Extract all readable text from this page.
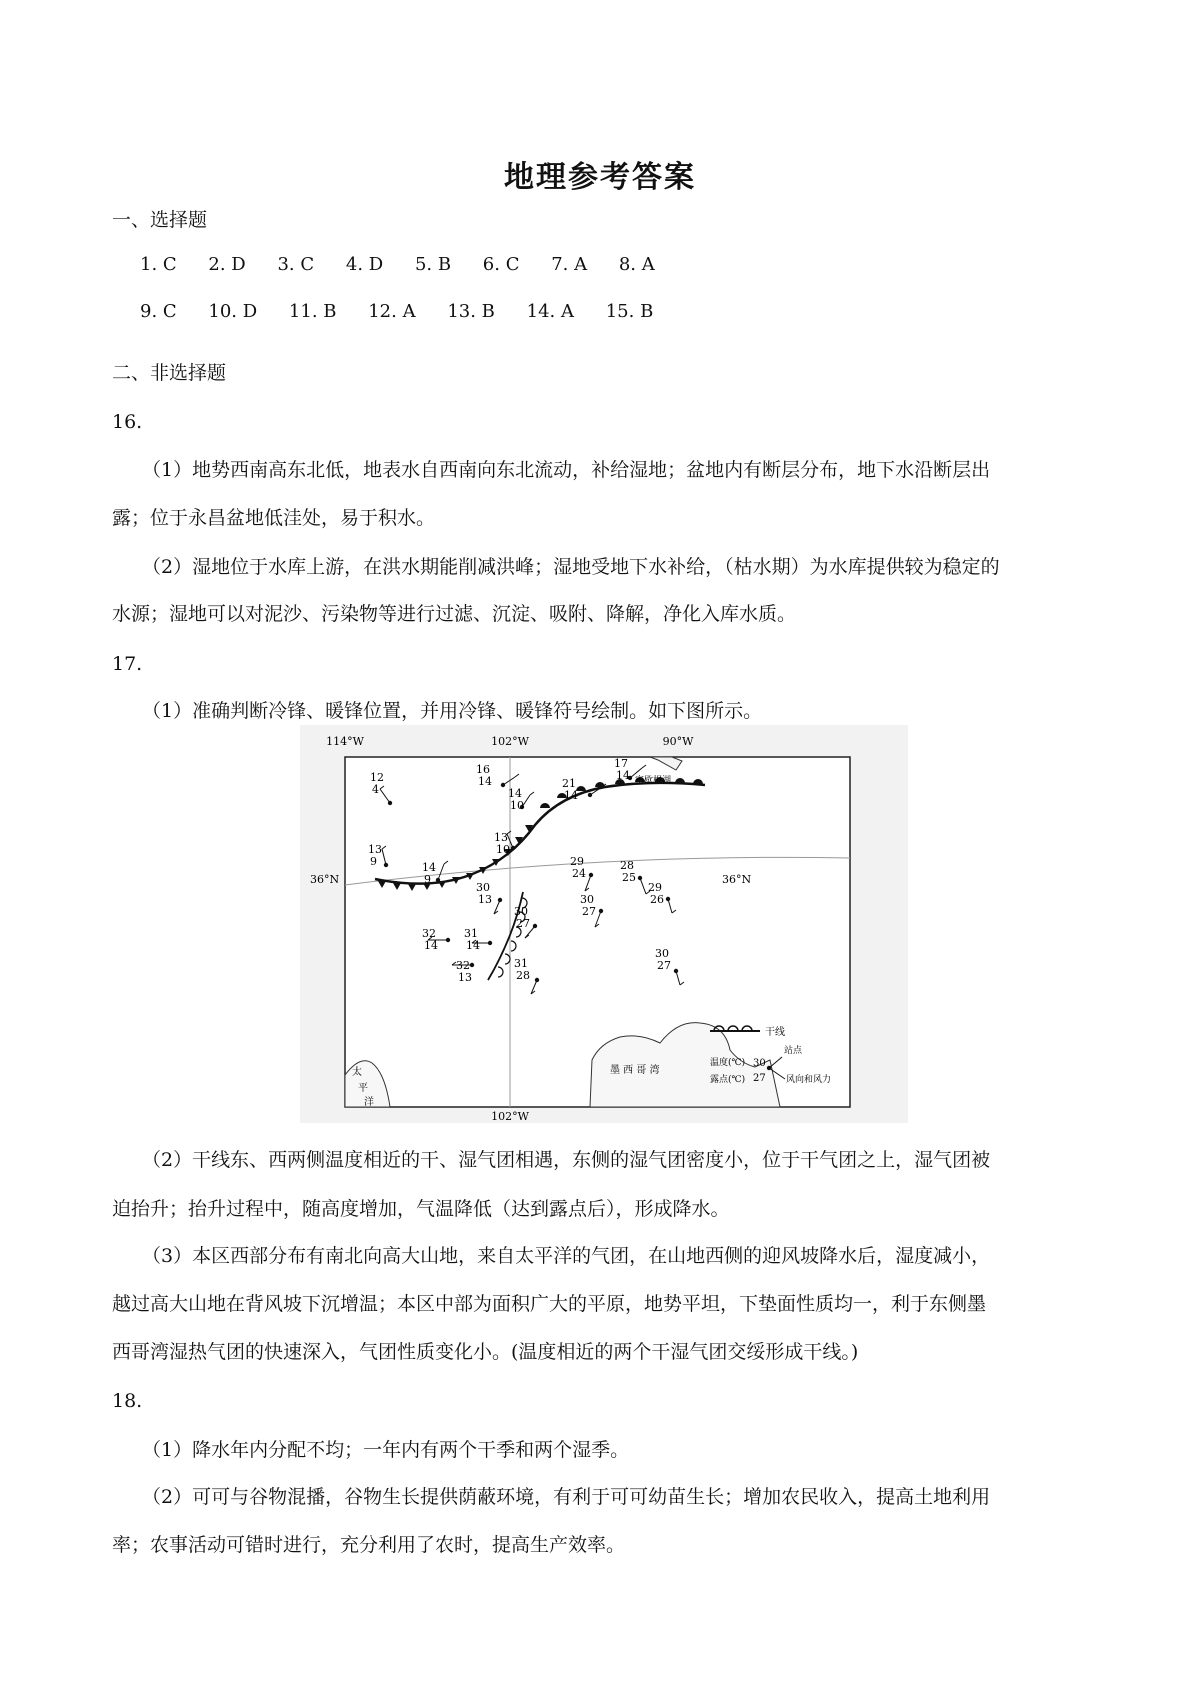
地理参考答案
一、选择题
1. C 2. D 3. C 4. D 5. B 6. C 7. A 8. A
9. C 10. D 11. B 12. A 13. B 14. A 15. B
二、非选择题
16.
（1）地势西南高东北低，地表水自西南向东北流动，补给湿地；盆地内有断层分布，地下水沿断层出
露；位于永昌盆地低洼处，易于积水。
（2）湿地位于水库上游，在洪水期能削减洪峰；湿地受地下水补给，（枯水期）为水库提供较为稳定的
水源；湿地可以对泥沙、污染物等进行过滤、沉淀、吸附、降解，净化入库水质。
17.
（1）准确判断冷锋、暖锋位置，并用冷锋、暖锋符号绘制。如下图所示。
12
4
16
14
14
10
21
14
17
14
13
9	14
9
13
10
29
24
28
25
30
13	30
27
29
26
30
27
32
14
31
14
31
28
32
13
30
27
114°W	102°W	90°W
102°W
36°N	36°N
密歇根湖
墨 西 哥 湾
太
平
洋
干线
站点
温度(℃)
露点(℃)
30
27 风向和风力
（2）干线东、西两侧温度相近的干、湿气团相遇，东侧的湿气团密度小，位于干气团之上，湿气团被
迫抬升；抬升过程中，随高度增加，气温降低（达到露点后），形成降水。
（3）本区西部分布有南北向高大山地，来自太平洋的气团，在山地西侧的迎风坡降水后，湿度减小，
越过高大山地在背风坡下沉增温；本区中部为面积广大的平原，地势平坦，下垫面性质均一，利于东侧墨
西哥湾湿热气团的快速深入，气团性质变化小。(温度相近的两个干湿气团交绥形成干线。)
18.
（1）降水年内分配不均；一年内有两个干季和两个湿季。
（2）可可与谷物混播，谷物生长提供荫蔽环境，有利于可可幼苗生长；增加农民收入，提高土地利用
率；农事活动可错时进行，充分利用了农时，提高生产效率。
